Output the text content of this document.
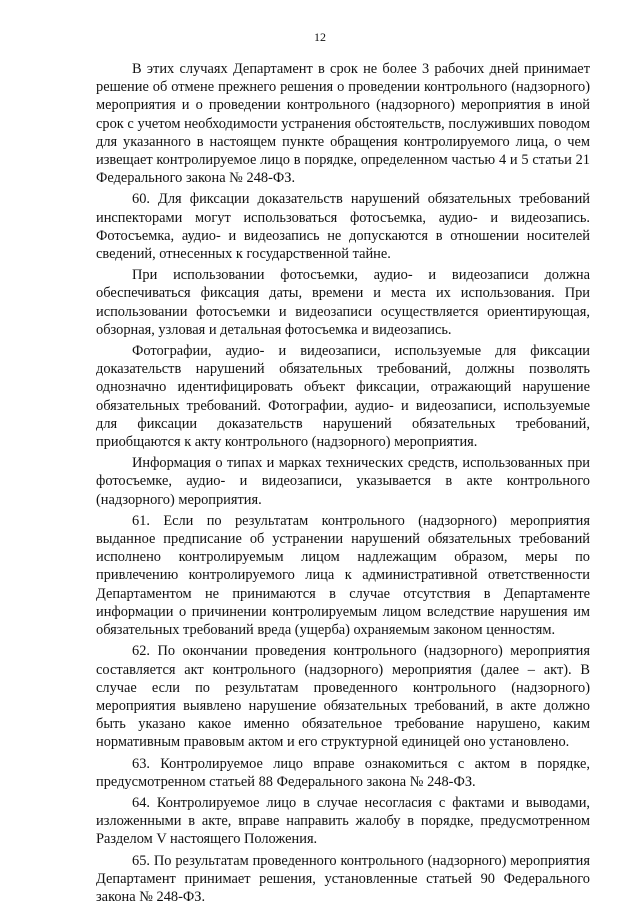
12

В этих случаях Департамент в срок не более 3 рабочих дней принимает решение об отмене прежнего решения о проведении контрольного (надзорного) мероприятия и о проведении контрольного (надзорного) мероприятия в иной срок с учетом необходимости устранения обстоятельств, послуживших поводом для указанного в настоящем пункте обращения контролируемого лица, о чем извещает контролируемое лицо в порядке, определенном частью 4 и 5 статьи 21 Федерального закона № 248-ФЗ.

60. Для фиксации доказательств нарушений обязательных требований инспекторами могут использоваться фотосъемка, аудио- и видеозапись. Фотосъемка, аудио- и видеозапись не допускаются в отношении носителей сведений, отнесенных к государственной тайне.

При использовании фотосъемки, аудио- и видеозаписи должна обеспечиваться фиксация даты, времени и места их использования. При использовании фотосъемки и видеозаписи осуществляется ориентирующая, обзорная, узловая и детальная фотосъемка и видеозапись.

Фотографии, аудио- и видеозаписи, используемые для фиксации доказательств нарушений обязательных требований, должны позволять однозначно идентифицировать объект фиксации, отражающий нарушение обязательных требований. Фотографии, аудио- и видеозаписи, используемые для фиксации доказательств нарушений обязательных требований, приобщаются к акту контрольного (надзорного) мероприятия.

Информация о типах и марках технических средств, использованных при фотосъемке, аудио- и видеозаписи, указывается в акте контрольного (надзорного) мероприятия.

61. Если по результатам контрольного (надзорного) мероприятия выданное предписание об устранении нарушений обязательных требований исполнено контролируемым лицом надлежащим образом, меры по привлечению контролируемого лица к административной ответственности Департаментом не принимаются в случае отсутствия в Департаменте информации о причинении контролируемым лицом вследствие нарушения им обязательных требований вреда (ущерба) охраняемым законом ценностям.

62. По окончании проведения контрольного (надзорного) мероприятия составляется акт контрольного (надзорного) мероприятия (далее – акт). В случае если по результатам проведенного контрольного (надзорного) мероприятия выявлено нарушение обязательных требований, в акте должно быть указано какое именно обязательное требование нарушено, каким нормативным правовым актом и его структурной единицей оно установлено.

63. Контролируемое лицо вправе ознакомиться с актом в порядке, предусмотренном статьей 88 Федерального закона № 248-ФЗ.

64. Контролируемое лицо в случае несогласия с фактами и выводами, изложенными в акте, вправе направить жалобу в порядке, предусмотренном Разделом V настоящего Положения.

65. По результатам проведенного контрольного (надзорного) мероприятия Департамент принимает решения, установленные статьей 90 Федерального закона № 248-ФЗ.
